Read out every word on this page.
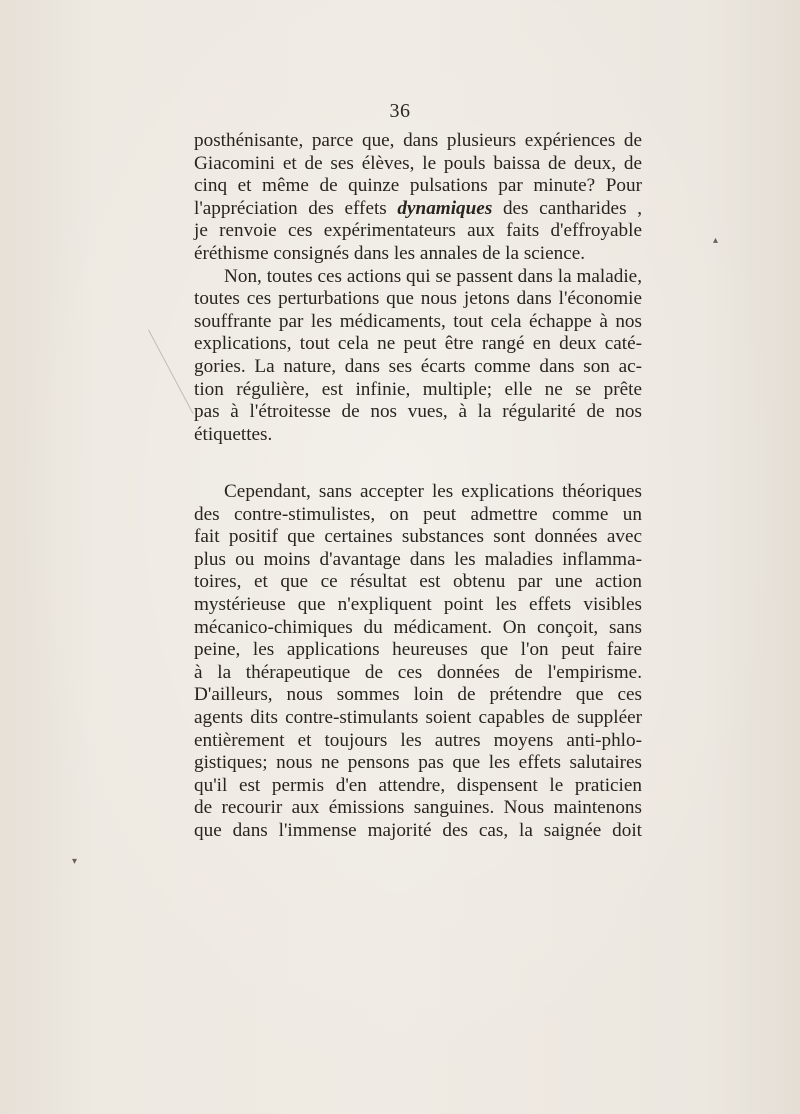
36

posthénisante, parce que, dans plusieurs expériences de
Giacomini et de ses élèves, le pouls baissa de deux, de
cinq et même de quinze pulsations par minute? Pour
l'appréciation des effets dynamiques des cantharides ,
je renvoie ces expérimentateurs aux faits d'effroyable
éréthisme consignés dans les annales de la science.

Non, toutes ces actions qui se passent dans la maladie,
toutes ces perturbations que nous jetons dans l'économie
souffrante par les médicaments, tout cela échappe à nos
explications, tout cela ne peut être rangé en deux caté-
gories. La nature, dans ses écarts comme dans son ac-
tion régulière, est infinie, multiple; elle ne se prête
pas à l'étroitesse de nos vues, à la régularité de nos
étiquettes.

Cependant, sans accepter les explications théoriques
des contre-stimulistes, on peut admettre comme un
fait positif que certaines substances sont données avec
plus ou moins d'avantage dans les maladies inflamma-
toires, et que ce résultat est obtenu par une action
mystérieuse que n'expliquent point les effets visibles
mécanico-chimiques du médicament. On conçoit, sans
peine, les applications heureuses que l'on peut faire
à la thérapeutique de ces données de l'empirisme.
D'ailleurs, nous sommes loin de prétendre que ces
agents dits contre-stimulants soient capables de suppléer
entièrement et toujours les autres moyens anti-phlo-
gistiques; nous ne pensons pas que les effets salutaires
qu'il est permis d'en attendre, dispensent le praticien
de recourir aux émissions sanguines. Nous maintenons
que dans l'immense majorité des cas, la saignée doit

▴
▾
